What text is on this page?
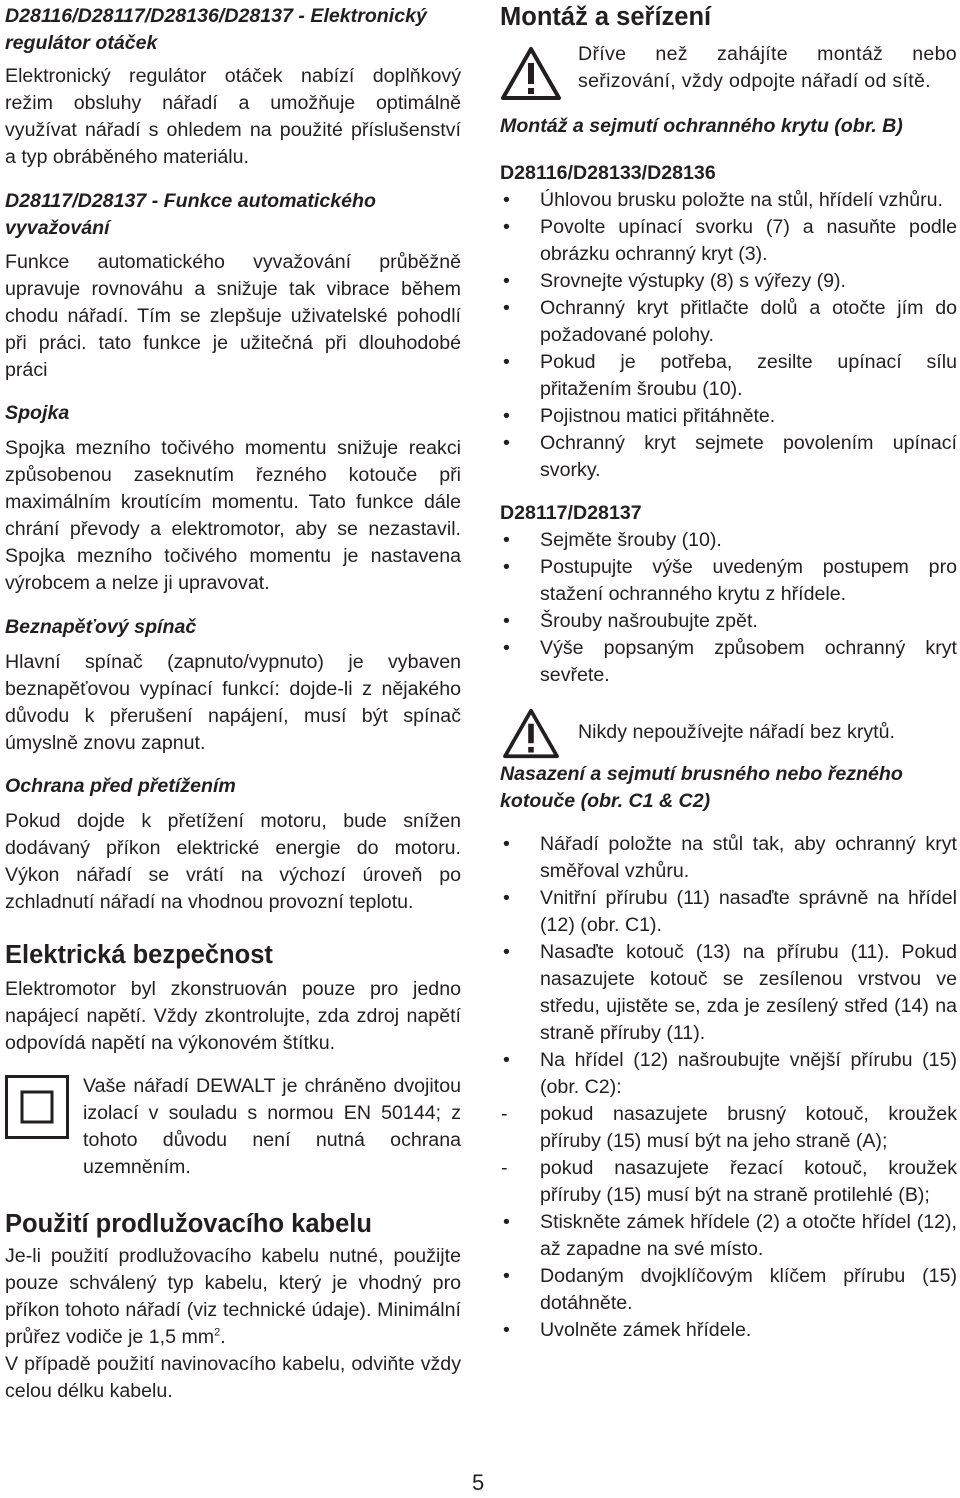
D28116/D28117/D28136/D28137 - Elektronický regulátor otáček

Elektronický regulátor otáček nabízí doplňkový režim obsluhy nářadí a umožňuje optimálně využívat nářadí s ohledem na použité příslušenství a typ obráběného materiálu.

D28117/D28137 - Funkce automatického vyvažování

Funkce automatického vyvažování průběžně upravuje rovnováhu a snižuje tak vibrace během chodu nářadí. Tím se zlepšuje uživatelské pohodlí při práci. tato funkce je užitečná při dlouhodobé práci

Spojka

Spojka mezního točivého momentu snižuje reakci způsobenou zaseknutím řezného kotouče při maximálním kroutícím momentu. Tato funkce dále chrání převody a elektromotor, aby se nezastavil. Spojka mezního točivého momentu je nastavena výrobcem a nelze ji upravovat.

Beznapěťový spínač

Hlavní spínač (zapnuto/vypnuto) je vybaven beznapěťovou vypínací funkcí: dojde-li z nějakého důvodu k přerušení napájení, musí být spínač úmyslně znovu zapnut.

Ochrana před přetížením

Pokud dojde k přetížení motoru, bude snížen dodávaný příkon elektrické energie do motoru. Výkon nářadí se vrátí na výchozí úroveň po zchladnutí nářadí na vhodnou provozní teplotu.

Elektrická bezpečnost

Elektromotor byl zkonstruován pouze pro jedno napájecí napětí. Vždy zkontrolujte, zda zdroj napětí odpovídá napětí na výkonovém štítku.

Vaše nářadí DEWALT je chráněno dvojitou izolací v souladu s normou EN 50144; z tohoto důvodu není nutná ochrana uzemněním.

Použití prodlužovacího kabelu

Je-li použití prodlužovacího kabelu nutné, použijte pouze schválený typ kabelu, který je vhodný pro příkon tohoto nářadí (viz technické údaje). Minimální průřez vodiče je 1,5 $mm^2$.

V případě použití navinovacího kabelu, odviňte vždy celou délku kabelu.

Montáž a seřízení

Dříve než zahájíte montáž nebo seřizování, vždy odpojte nářadí od sítě.

Montáž a sejmutí ochranného krytu (obr. B)

D28116/D28133/D28136

• Úhlovou brusku položte na stůl, hřídelí vzhůru.
• Povolte upínací svorku (7) a nasuňte podle obrázku ochranný kryt (3).
• Srovnejte výstupky (8) s výřezy (9).
• Ochranný kryt přitlačte dolů a otočte jím do požadované polohy.
• Pokud je potřeba, zesilte upínací sílu přitažením šroubu (10).
• Pojistnou matici přitáhněte.
• Ochranný kryt sejmete povolením upínací svorky.

D28117/D28137

• Sejměte šrouby (10).
• Postupujte výše uvedeným postupem pro stažení ochranného krytu z hřídele.
• Šrouby našroubujte zpět.
• Výše popsaným způsobem ochranný kryt sevřete.

Nikdy nepoužívejte nářadí bez krytů.

Nasazení a sejmutí brusného nebo řezného kotouče (obr. C1 & C2)

• Nářadí položte na stůl tak, aby ochranný kryt směřoval vzhůru.
• Vnitřní přírubu (11) nasaďte správně na hřídel (12) (obr. C1).
• Nasaďte kotouč (13) na přírubu (11). Pokud nasazujete kotouč se zesílenou vrstvou ve středu, ujistěte se, zda je zesílený střed (14) na straně příruby (11).
• Na hřídel (12) našroubujte vnější přírubu (15) (obr. C2):
- pokud nasazujete brusný kotouč, kroužek příruby (15) musí být na jeho straně (A);
- pokud nasazujete řezací kotouč, kroužek příruby (15) musí být na straně protilehlé (B);
• Stiskněte zámek hřídele (2) a otočte hřídel (12), až zapadne na své místo.
• Dodaným dvojklíčovým klíčem přírubu (15) dotáhněte.
• Uvolněte zámek hřídele.
5
